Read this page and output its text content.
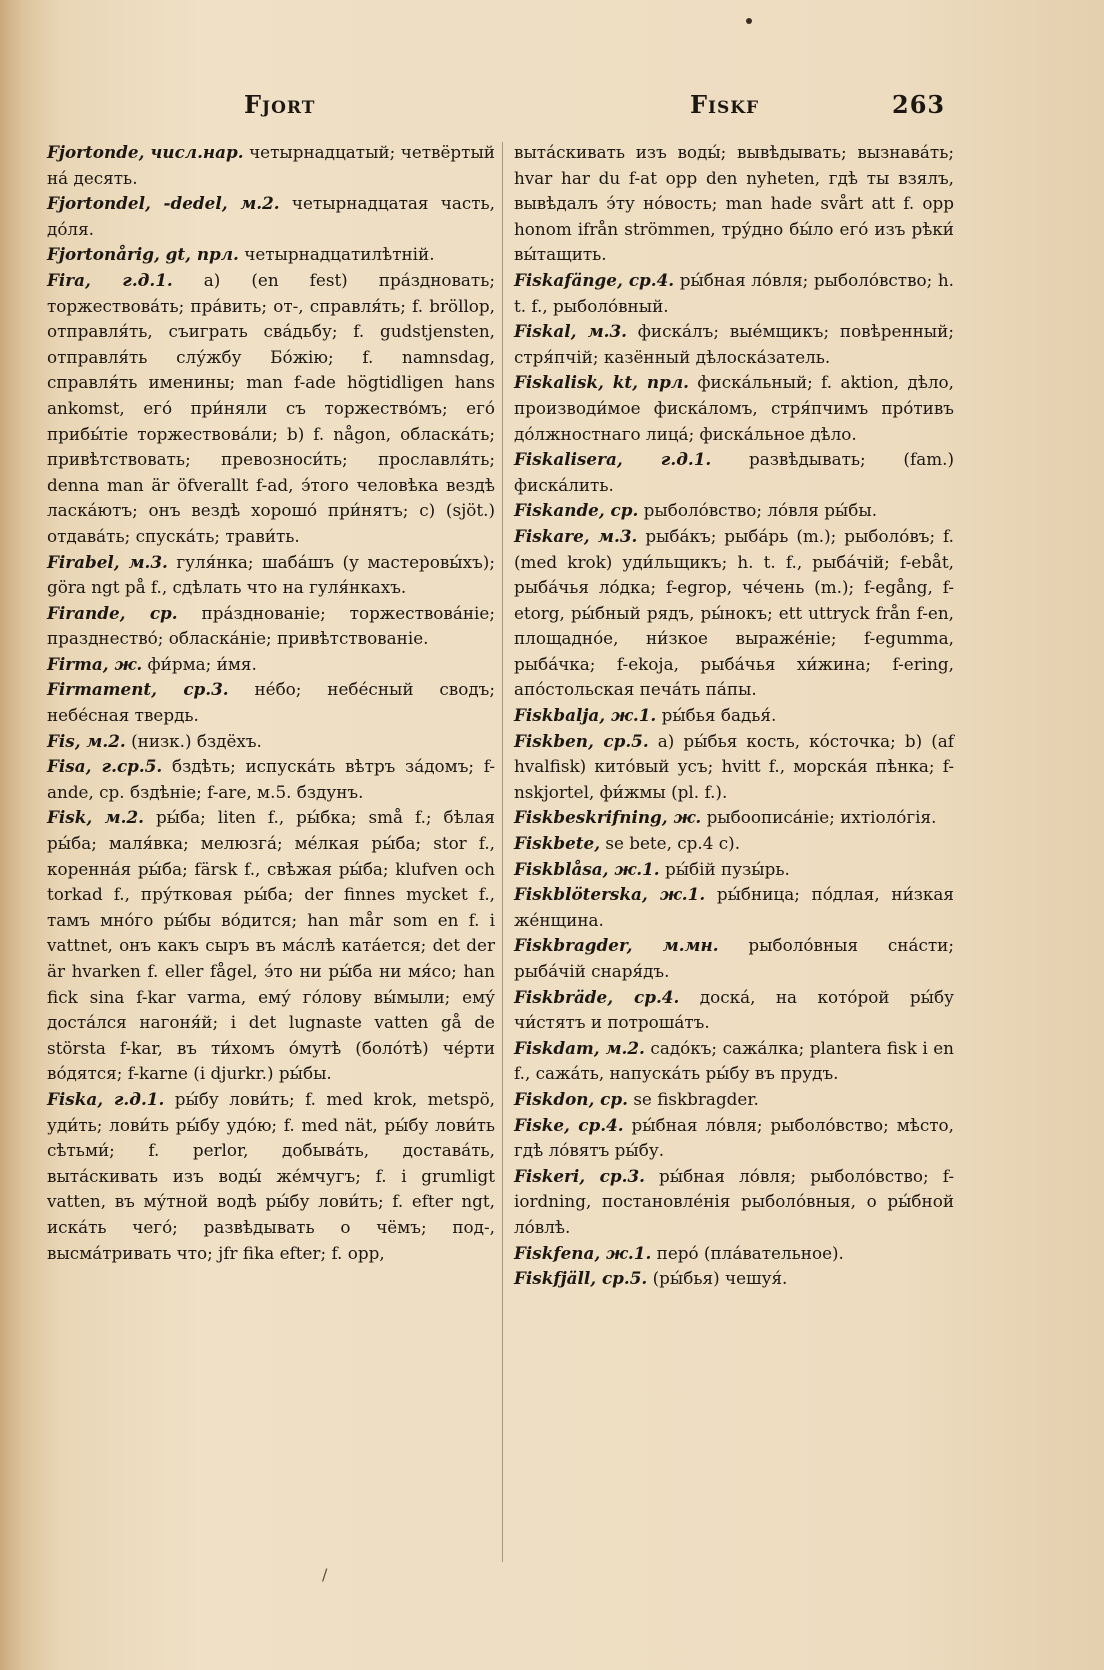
Fjort	Fiskf	263
Fjortonde, числ.нар. четырнадцатый; четвёртый на́ десять.
Fjortondel, -dedel, м.2. четырнадцатая часть, до́ля.
Fjortonårig, gt, прл. четырнадцатилѣтній.
Fira, г.д.1. a) (en fest) пра́здновать; торжествова́ть; пра́вить; от-, справля́ть; f. bröllop, отправля́ть, съиграть сва́дьбу; f. gudstjensten, отправля́ть слу́жбу Бо́жію; f. namnsdag, справля́ть именины; man f-ade högtidligen hans ankomst, его́ при́няли съ торжество́мъ; его́ прибы́тіе торжествова́ли; b) f. någon, обласка́ть; привѣтствовать; превозноси́ть; прославля́ть; denna man är öfverallt f-ad, э́того человѣка вездѣ ласка́ютъ; онъ вездѣ хорошо́ при́нятъ; c) (sjöt.) отдава́ть; спуска́ть; трави́ть.
Firabel, м.3. гуля́нка; шаба́шъ (у мастеровы́хъ); göra ngt på f., сдѣлать что на гуля́нкахъ.
Firande, ср. пра́зднованіе; торжествова́ніе; празднество́; обласка́ніе; привѣтствованіе.
Firma, ж. фи́рма; и́мя.
Firmament, ср.3. не́бо; небе́сный сводъ; небе́сная твердь.
Fis, м.2. (низк.) бздёхъ.
Fisa, г.ср.5. бздѣть; испуска́ть вѣтръ за́домъ; f-ande, ср. бздѣніе; f-are, м.5. бздунъ.
Fisk, м.2. ры́ба; liten f., ры́бка; små f.; бѣлая ры́ба; маля́вка; мелюзга́; ме́лкая ры́ба; stor f., коренна́я ры́ба; färsk f., свѣжая ры́ба; klufven och torkad f., пру́тковая ры́ба; der finnes mycket f., тамъ мно́го ры́бы во́дится; han mår som en f. i vattnet, онъ какъ сыръ въ ма́слѣ ката́ется; det der är hvarken f. eller fågel, э́то ни ры́ба ни мя́со; han fick sina f-kar varma, ему́ го́лову вы́мыли; ему́ доста́лся нагоня́й; i det lugnaste vatten gå de största f-kar, въ ти́хомъ о́мутѣ (боло́тѣ) че́рти во́дятся; f-karne (i djurkr.) ры́бы.
Fiska, г.д.1. ры́бу лови́ть; f. med krok, metspö, уди́ть; лови́ть ры́бу удо́ю; f. med nät, ры́бу лови́ть сѣтьми́; f. perlor, добыва́ть, достава́ть, выта́скивать изъ воды́ же́мчугъ; f. i grumligt vatten, въ му́тной водѣ ры́бу лови́ть; f. efter ngt, иска́ть чего́; развѣдывать о чёмъ; под-, высма́тривать что; jfr fika efter; f. opp,
выта́скивать изъ воды́; вывѣдывать; вызнава́ть; hvar har du f-at opp den nyheten, гдѣ ты взялъ, вывѣдалъ э́ту но́вость; man hade svårt att f. opp honom ifrån strömmen, тру́дно бы́ло его́ изъ рѣки́ вы́тащить.
Fiskafänge, ср.4. ры́бная ло́вля; рыболо́вство; h. t. f., рыболо́вный.
Fiskal, м.3. фиска́лъ; вые́мщикъ; повѣренный; стря́пчій; казённый дѣлоска́затель.
Fiskalisk, kt, прл. фиска́льный; f. aktion, дѣло, производи́мое фиска́ломъ, стря́пчимъ про́тивъ до́лжностнаго лица́; фиска́льное дѣло.
Fiskalisera, г.д.1. развѣдывать; (fam.) фиска́лить.
Fiskande, ср. рыболо́вство; ло́вля ры́бы.
Fiskare, м.3. рыба́къ; рыба́рь (m.); рыболо́въ; f. (med krok) уди́льщикъ; h. t. f., рыба́чій; f-ebåt, рыба́чья ло́дка; f-egrop, че́чень (m.); f-egång, f-etorg, ры́бный рядъ, ры́нокъ; ett uttryck från f-en, площадно́е, ни́зкое выраже́ніе; f-egumma, рыба́чка; f-ekoja, рыба́чья хи́жина; f-ering, апо́стольская печа́ть па́пы.
Fiskbalja, ж.1. ры́бья бадья́.
Fiskben, ср.5. a) ры́бья кость, ко́сточка; b) (af hvalfisk) кито́вый усъ; hvitt f., морска́я пѣнка; f-nskjortel, фи́жмы (pl. f.).
Fiskbeskrifning, ж. рыбоописа́ніе; ихтіоло́гія.
Fiskbete, se bete, ср.4 c).
Fiskblåsa, ж.1. ры́бій пузы́рь.
Fiskblöterska, ж.1. ры́бница; по́длая, ни́зкая же́нщина.
Fiskbragder, м.мн. рыболо́вныя сна́сти; рыба́чій снаря́дъ.
Fiskbräde, ср.4. доска́, на кото́рой ры́бу чи́стятъ и потроша́тъ.
Fiskdam, м.2. садо́къ; сажа́лка; plantera fisk i en f., сажа́ть, напуска́ть ры́бу въ прудъ.
Fiskdon, ср. se fiskbragder.
Fiske, ср.4. ры́бная ло́вля; рыболо́вство; мѣсто, гдѣ ло́вятъ ры́бу.
Fiskeri, ср.3. ры́бная ло́вля; рыболо́вство; f-iordning, постановле́нія рыболо́вныя, о ры́бной ло́влѣ.
Fiskfena, ж.1. перо́ (пла́вательное).
Fiskfjäll, ср.5. (ры́бья) чешуя́.
/
